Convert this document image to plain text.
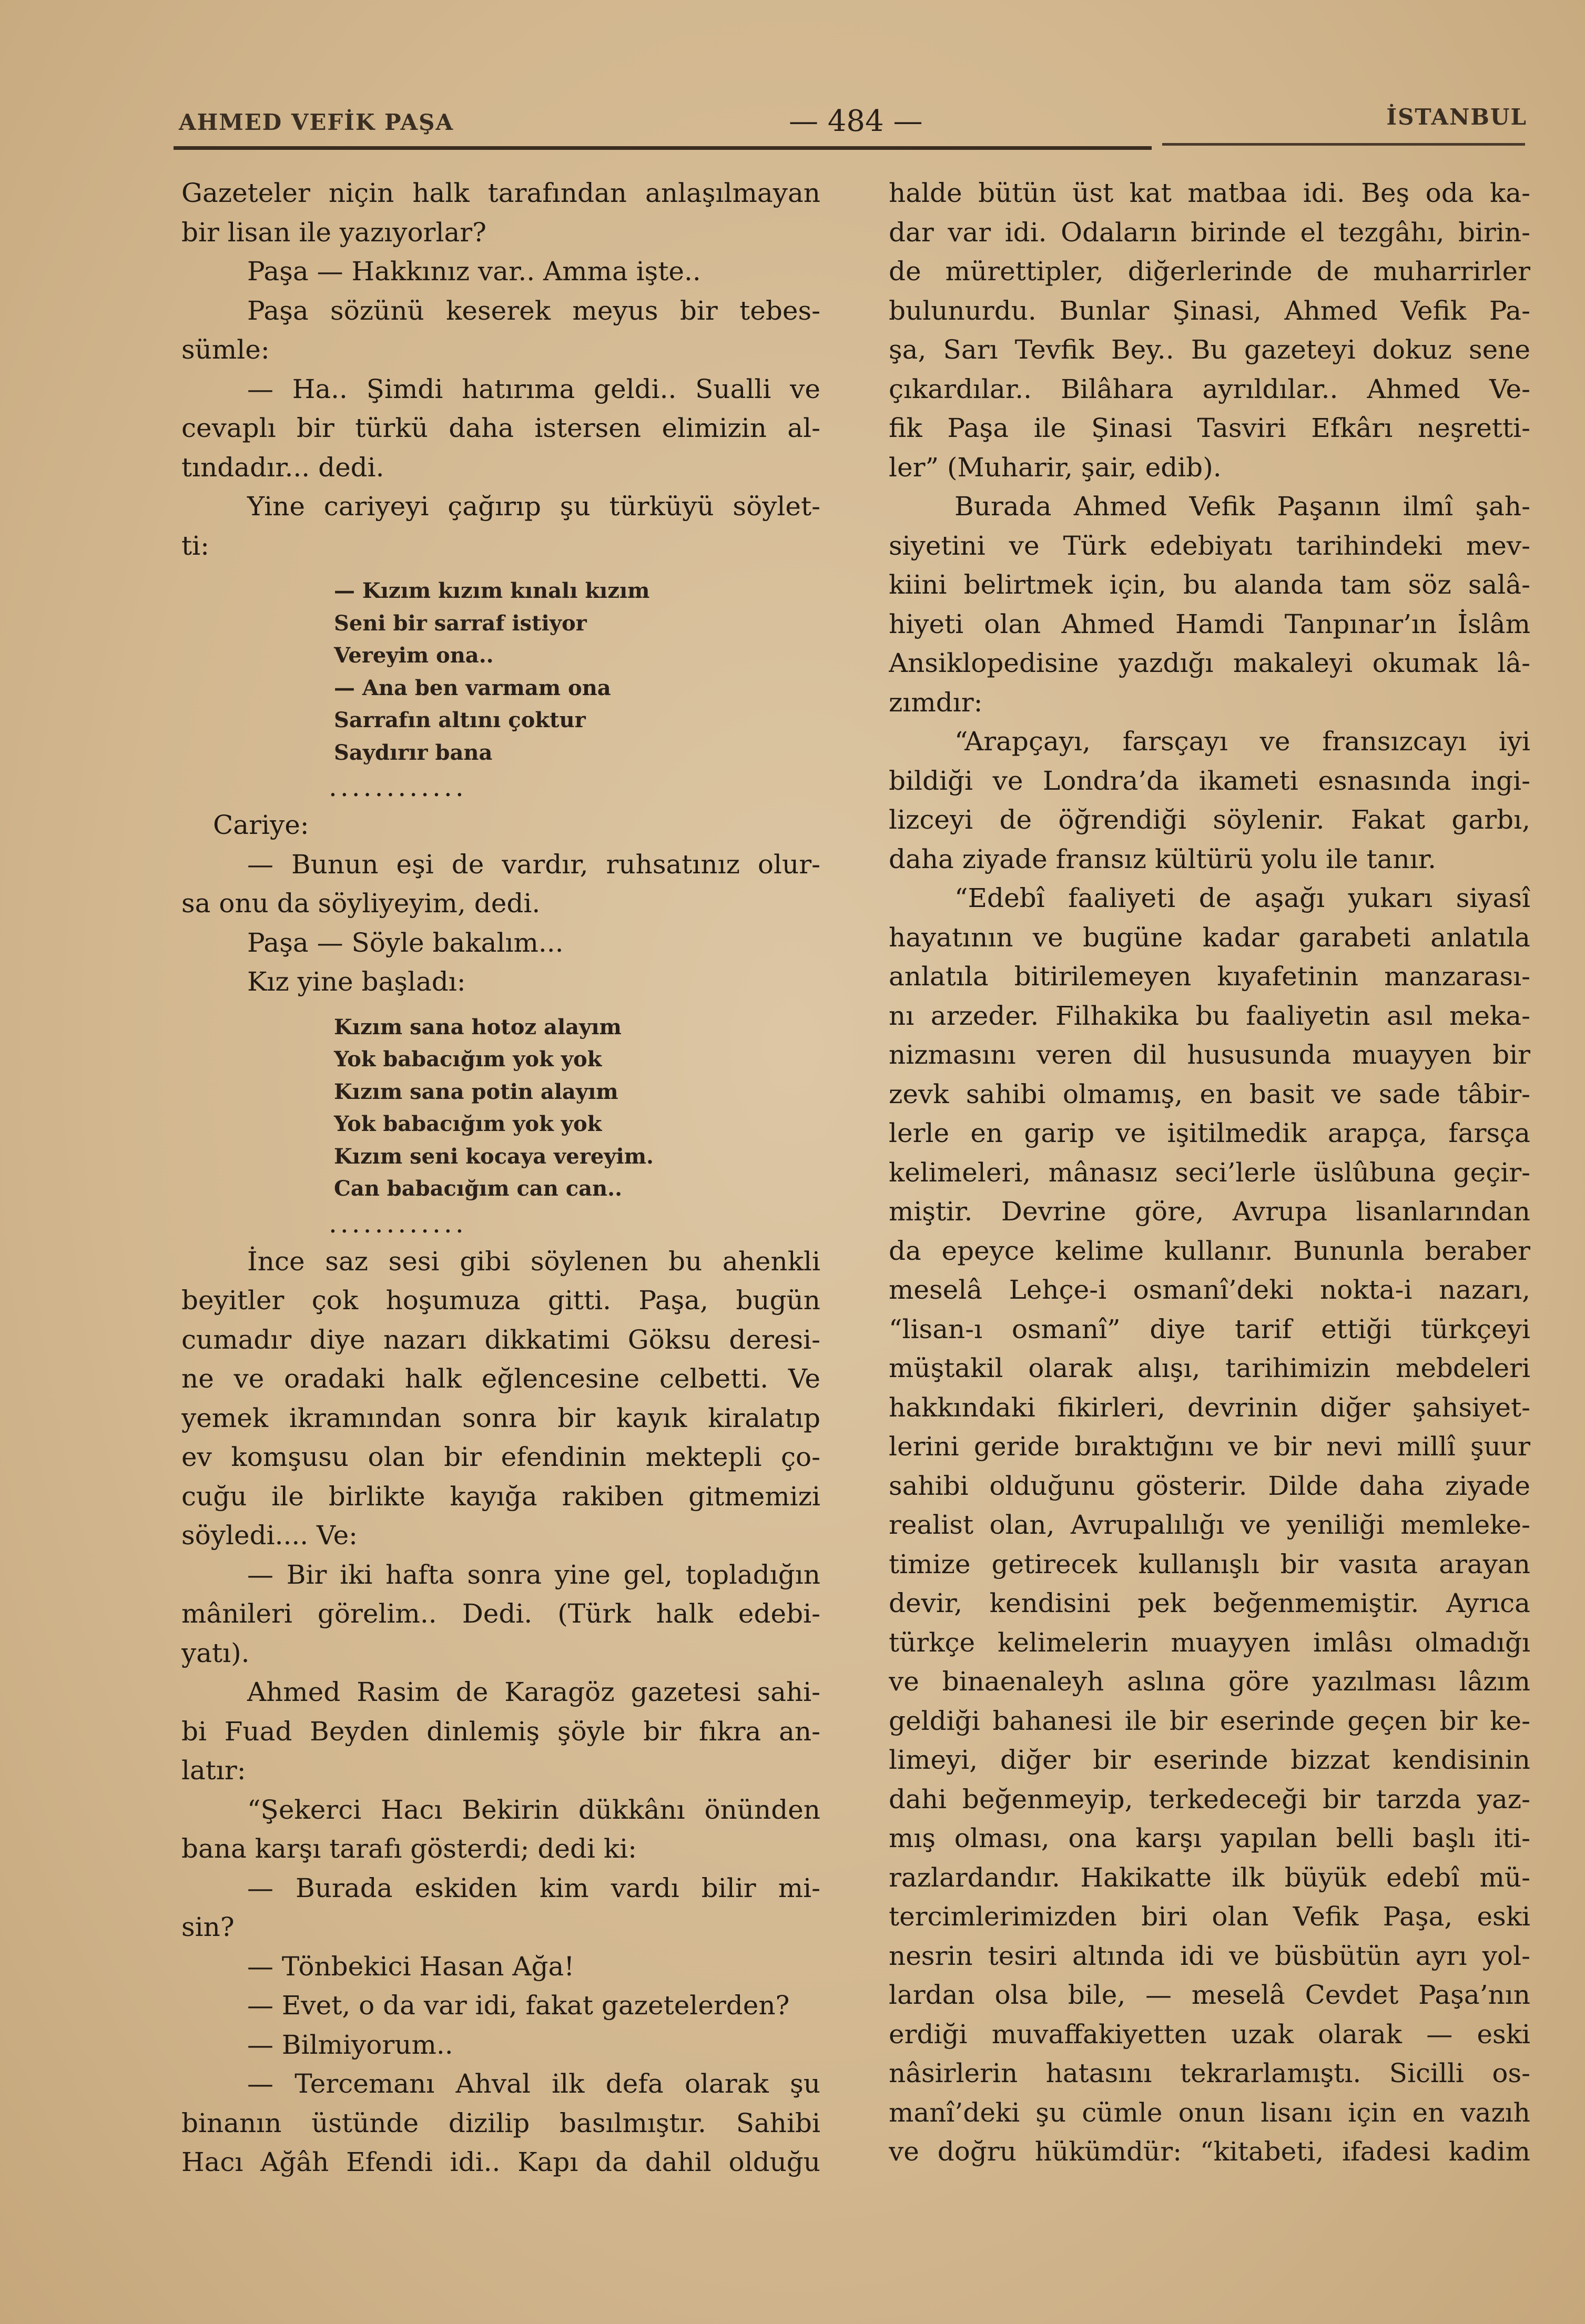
AHMED VEFİK PAŞA	— 484 —	İSTANBUL
Gazeteler niçin halk tarafından anlaşılmayan
bir lisan ile yazıyorlar?
Paşa — Hakkınız var.. Amma işte..
Paşa sözünü keserek meyus bir tebes-
sümle:
— Ha.. Şimdi hatırıma geldi.. Sualli ve
cevaplı bir türkü daha istersen elimizin al-
tındadır... dedi.
Yine cariyeyi çağırıp şu türküyü söylet-
ti:
— Kızım kızım kınalı kızım
Seni bir sarraf istiyor
Vereyim ona..
— Ana ben varmam ona
Sarrafın altını çoktur
Saydırır bana
............
Cariye:
— Bunun eşi de vardır, ruhsatınız olur-
sa onu da söyliyeyim, dedi.
Paşa — Söyle bakalım...
Kız yine başladı:
Kızım sana hotoz alayım
Yok babacığım yok yok
Kızım sana potin alayım
Yok babacığım yok yok
Kızım seni kocaya vereyim.
Can babacığım can can..
............
İnce saz sesi gibi söylenen bu ahenkli
beyitler çok hoşumuza gitti. Paşa, bugün
cumadır diye nazarı dikkatimi Göksu deresi-
ne ve oradaki halk eğlencesine celbetti. Ve
yemek ikramından sonra bir kayık kiralatıp
ev komşusu olan bir efendinin mektepli ço-
cuğu ile birlikte kayığa rakiben gitmemizi
söyledi.... Ve:
— Bir iki hafta sonra yine gel, topladığın
mânileri görelim.. Dedi. (Türk halk edebi-
yatı).
Ahmed Rasim de Karagöz gazetesi sahi-
bi Fuad Beyden dinlemiş şöyle bir fıkra an-
latır:
“Şekerci Hacı Bekirin dükkânı önünden
bana karşı tarafı gösterdi; dedi ki:
— Burada eskiden kim vardı bilir mi-
sin?
— Tönbekici Hasan Ağa!
— Evet, o da var idi, fakat gazetelerden?
— Bilmiyorum..
— Tercemanı Ahval ilk defa olarak şu
binanın üstünde dizilip basılmıştır. Sahibi
Hacı Ağâh Efendi idi.. Kapı da dahil olduğu
halde bütün üst kat matbaa idi. Beş oda ka-
dar var idi. Odaların birinde el tezgâhı, birin-
de mürettipler, diğerlerinde de muharrirler
bulunurdu. Bunlar Şinasi, Ahmed Vefik Pa-
şa, Sarı Tevfik Bey.. Bu gazeteyi dokuz sene
çıkardılar.. Bilâhara ayrıldılar.. Ahmed Ve-
fik Paşa ile Şinasi Tasviri Efkârı neşretti-
ler” (Muharir, şair, edib).
Burada Ahmed Vefik Paşanın ilmî şah-
siyetini ve Türk edebiyatı tarihindeki mev-
kiini belirtmek için, bu alanda tam söz salâ-
hiyeti olan Ahmed Hamdi Tanpınar’ın İslâm
Ansiklopedisine yazdığı makaleyi okumak lâ-
zımdır:
“Arapçayı, farsçayı ve fransızcayı iyi
bildiği ve Londra’da ikameti esnasında ingi-
lizceyi de öğrendiği söylenir. Fakat garbı,
daha ziyade fransız kültürü yolu ile tanır.
“Edebî faaliyeti de aşağı yukarı siyasî
hayatının ve bugüne kadar garabeti anlatıla
anlatıla bitirilemeyen kıyafetinin manzarası-
nı arzeder. Filhakika bu faaliyetin asıl meka-
nizmasını veren dil hususunda muayyen bir
zevk sahibi olmamış, en basit ve sade tâbir-
lerle en garip ve işitilmedik arapça, farsça
kelimeleri, mânasız seci’lerle üslûbuna geçir-
miştir. Devrine göre, Avrupa lisanlarından
da epeyce kelime kullanır. Bununla beraber
meselâ Lehçe-i osmanî’deki nokta-i nazarı,
“lisan-ı osmanî” diye tarif ettiği türkçeyi
müştakil olarak alışı, tarihimizin mebdeleri
hakkındaki fikirleri, devrinin diğer şahsiyet-
lerini geride bıraktığını ve bir nevi millî şuur
sahibi olduğunu gösterir. Dilde daha ziyade
realist olan, Avrupalılığı ve yeniliği memleke-
timize getirecek kullanışlı bir vasıta arayan
devir, kendisini pek beğenmemiştir. Ayrıca
türkçe kelimelerin muayyen imlâsı olmadığı
ve binaenaleyh aslına göre yazılması lâzım
geldiği bahanesi ile bir eserinde geçen bir ke-
limeyi, diğer bir eserinde bizzat kendisinin
dahi beğenmeyip, terkedeceği bir tarzda yaz-
mış olması, ona karşı yapılan belli başlı iti-
razlardandır. Hakikatte ilk büyük edebî mü-
tercimlerimizden biri olan Vefik Paşa, eski
nesrin tesiri altında idi ve büsbütün ayrı yol-
lardan olsa bile, — meselâ Cevdet Paşa’nın
erdiği muvaffakiyetten uzak olarak — eski
nâsirlerin hatasını tekrarlamıştı. Sicilli os-
manî’deki şu cümle onun lisanı için en vazıh
ve doğru hükümdür: “kitabeti, ifadesi kadim
